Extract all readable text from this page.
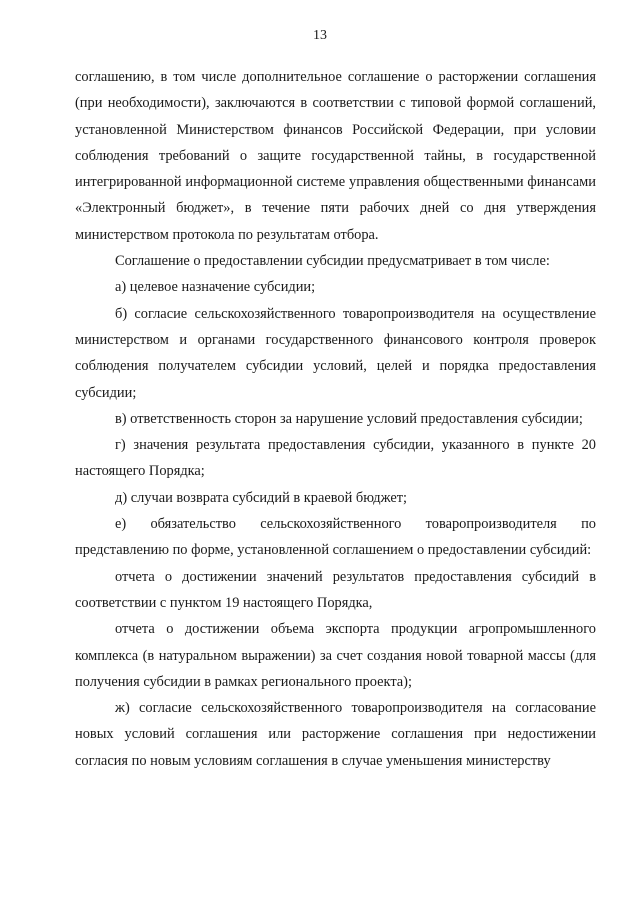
13

соглашению, в том числе дополнительное соглашение о расторжении соглашения (при необходимости), заключаются в соответствии с типовой формой соглашений, установленной Министерством финансов Российской Федерации, при условии соблюдения требований о защите государственной тайны, в государственной интегрированной информационной системе управления общественными финансами «Электронный бюджет», в течение пяти рабочих дней со дня утверждения министерством протокола по результатам отбора.

Соглашение о предоставлении субсидии предусматривает в том числе:

а) целевое назначение субсидии;

б) согласие сельскохозяйственного товаропроизводителя на осуществление министерством и органами государственного финансового контроля проверок соблюдения получателем субсидии условий, целей и порядка предоставления субсидии;

в) ответственность сторон за нарушение условий предоставления субсидии;

г) значения результата предоставления субсидии, указанного в пункте 20 настоящего Порядка;

д) случаи возврата субсидий в краевой бюджет;

е) обязательство сельскохозяйственного товаропроизводителя по представлению по форме, установленной соглашением о предоставлении субсидий:

отчета о достижении значений результатов предоставления субсидий в соответствии с пунктом 19 настоящего Порядка,

отчета о достижении объема экспорта продукции агропромышленного комплекса (в натуральном выражении) за счет создания новой товарной массы (для получения субсидии в рамках регионального проекта);

ж) согласие сельскохозяйственного товаропроизводителя на согласование новых условий соглашения или расторжение соглашения при недостижении согласия по новым условиям соглашения в случае уменьшения министерству
